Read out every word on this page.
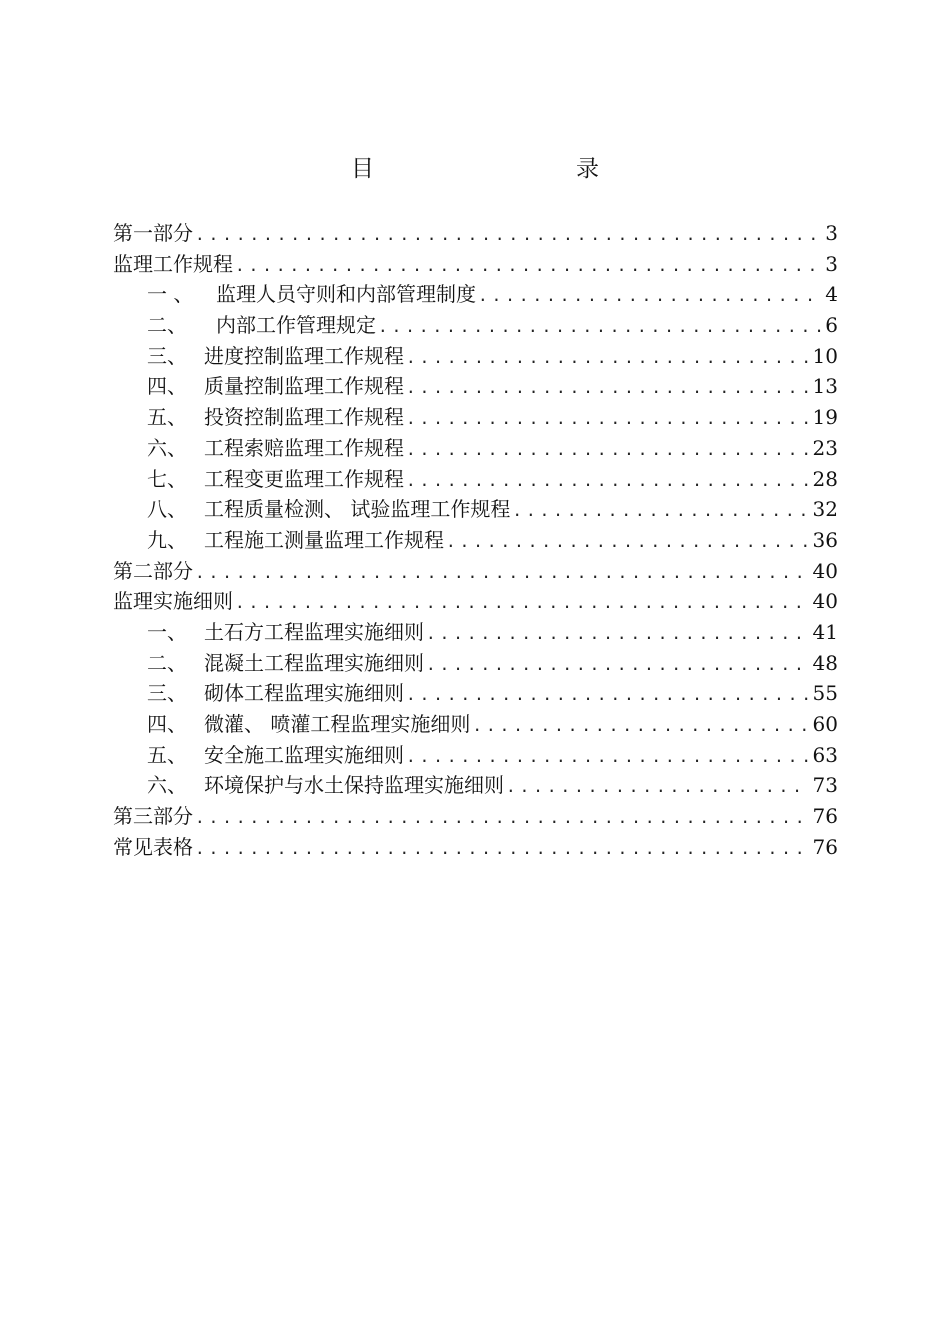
目　　录
第一部分 .....	3
监理工作规程 .....	3
一 、	监理人员守则和内部管理制度 .....	4
二、	内部工作管理规定 .....	6
三、 进度控制监理工作规程 .....	10
四、 质量控制监理工作规程 .....	13
五、 投资控制监理工作规程 .....	19
六、 工程索赔监理工作规程 .....	23
七、 工程变更监理工作规程 .....	28
八、 工程质量检测、 试验监理工作规程 .....	32
九、 工程施工测量监理工作规程 .....	36
第二部分 .....	40
监理实施细则 .....	40
一、 土石方工程监理实施细则 .....	41
二、 混凝土工程监理实施细则 .....	48
三、 砌体工程监理实施细则 .....	55
四、 微灌、 喷灌工程监理实施细则 .....	60
五、 安全施工监理实施细则 .....	63
六、 环境保护与水土保持监理实施细则 .....	73
第三部分 .....	76
常见表格 .....	76
